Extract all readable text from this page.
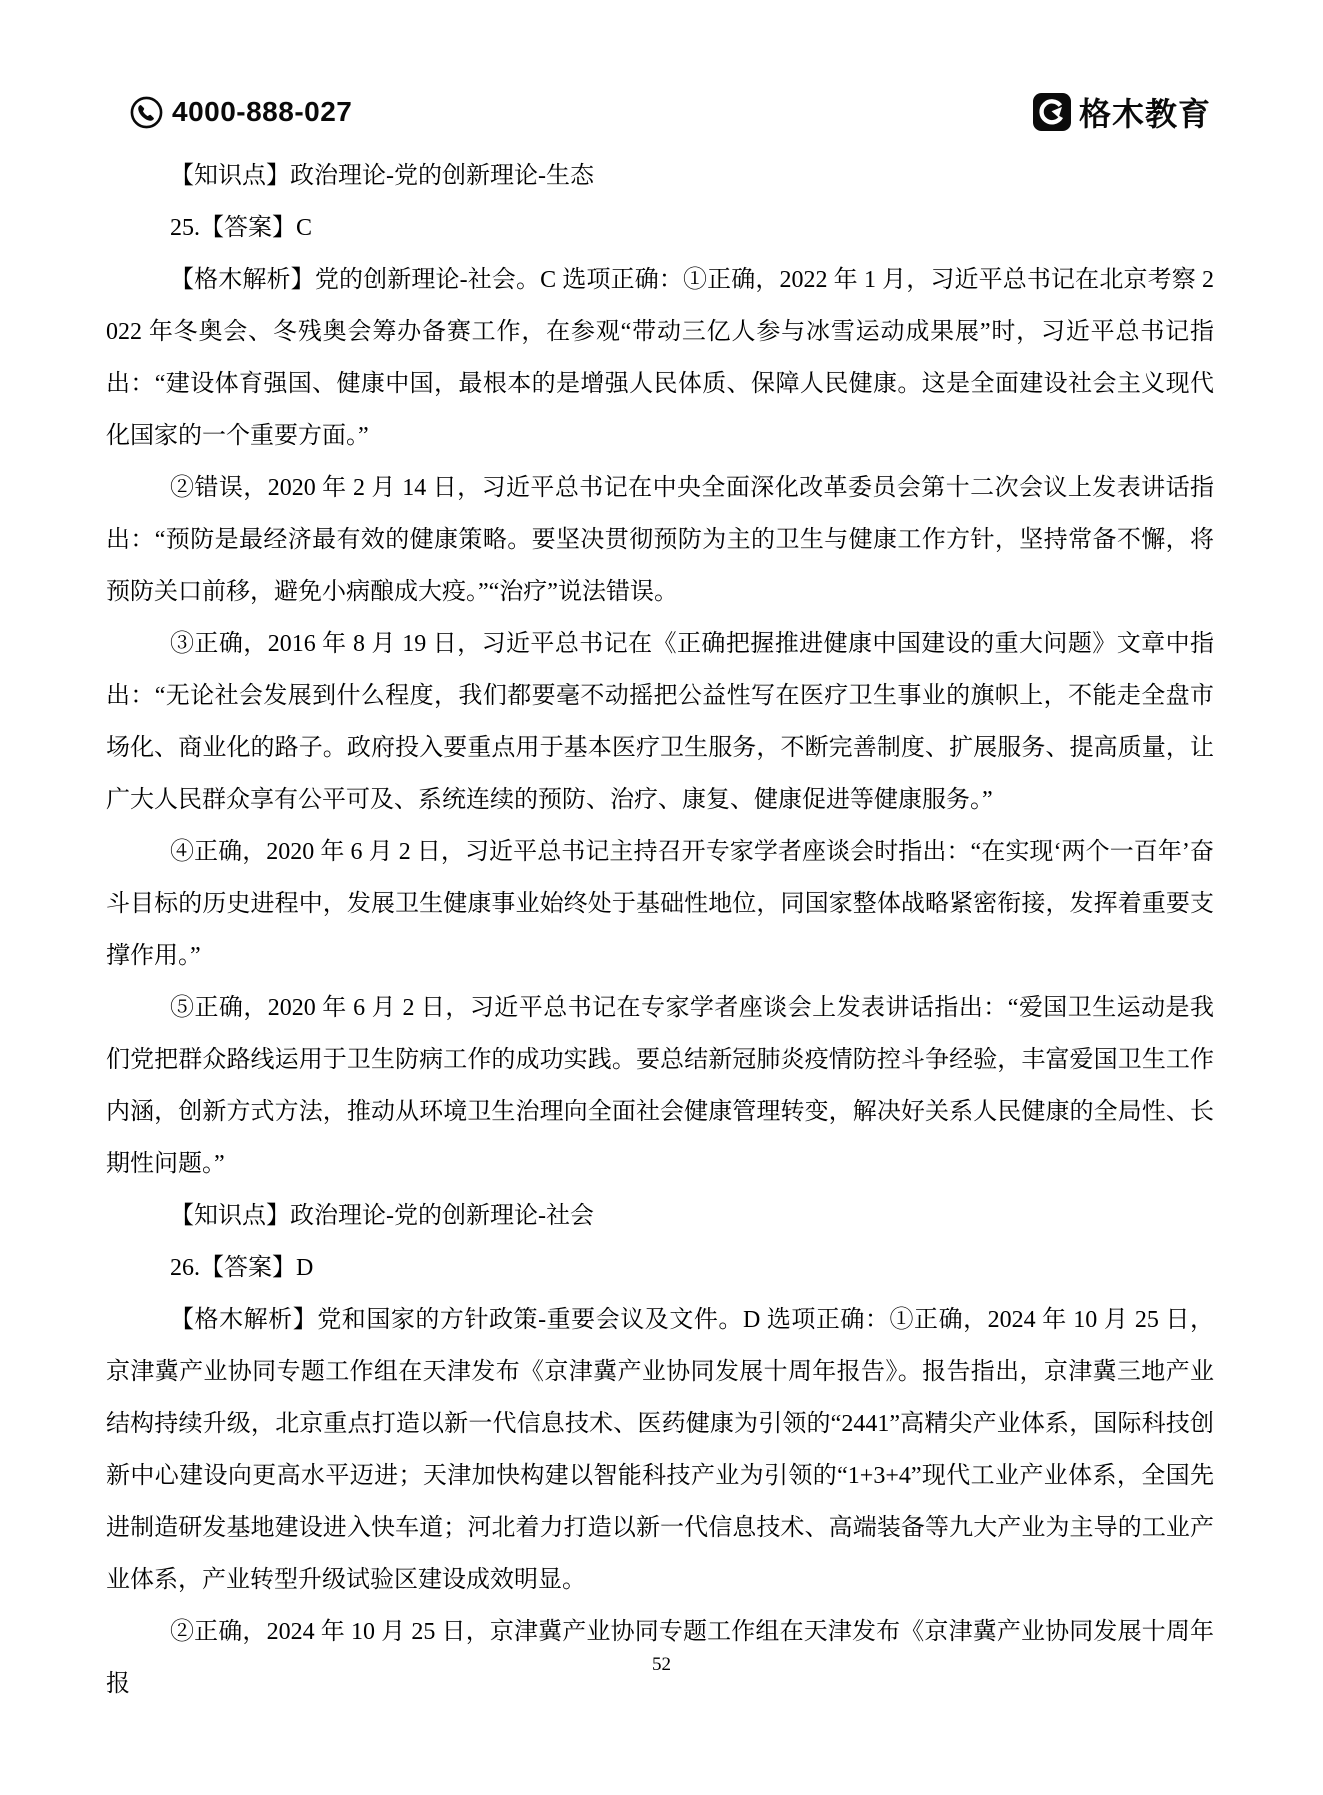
4000-888-027	格木教育

【知识点】政治理论-党的创新理论-生态

25.【答案】C

【格木解析】党的创新理论-社会。C 选项正确：①正确，2022 年 1 月，习近平总书记在北京考察 2022 年冬奥会、冬残奥会筹办备赛工作，在参观“带动三亿人参与冰雪运动成果展”时，习近平总书记指出：“建设体育强国、健康中国，最根本的是增强人民体质、保障人民健康。这是全面建设社会主义现代化国家的一个重要方面。”

②错误，2020 年 2 月 14 日，习近平总书记在中央全面深化改革委员会第十二次会议上发表讲话指出：“预防是最经济最有效的健康策略。要坚决贯彻预防为主的卫生与健康工作方针，坚持常备不懈，将预防关口前移，避免小病酿成大疫。”“治疗”说法错误。

③正确，2016 年 8 月 19 日，习近平总书记在《正确把握推进健康中国建设的重大问题》文章中指出：“无论社会发展到什么程度，我们都要毫不动摇把公益性写在医疗卫生事业的旗帜上，不能走全盘市场化、商业化的路子。政府投入要重点用于基本医疗卫生服务，不断完善制度、扩展服务、提高质量，让广大人民群众享有公平可及、系统连续的预防、治疗、康复、健康促进等健康服务。”

④正确，2020 年 6 月 2 日，习近平总书记主持召开专家学者座谈会时指出：“在实现‘两个一百年’奋斗目标的历史进程中，发展卫生健康事业始终处于基础性地位，同国家整体战略紧密衔接，发挥着重要支撑作用。”

⑤正确，2020 年 6 月 2 日，习近平总书记在专家学者座谈会上发表讲话指出：“爱国卫生运动是我们党把群众路线运用于卫生防病工作的成功实践。要总结新冠肺炎疫情防控斗争经验，丰富爱国卫生工作内涵，创新方式方法，推动从环境卫生治理向全面社会健康管理转变，解决好关系人民健康的全局性、长期性问题。”

【知识点】政治理论-党的创新理论-社会

26.【答案】D

【格木解析】党和国家的方针政策-重要会议及文件。D 选项正确：①正确，2024 年 10 月 25 日，京津冀产业协同专题工作组在天津发布《京津冀产业协同发展十周年报告》。报告指出，京津冀三地产业结构持续升级，北京重点打造以新一代信息技术、医药健康为引领的“2441”高精尖产业体系，国际科技创新中心建设向更高水平迈进；天津加快构建以智能科技产业为引领的“1+3+4”现代工业产业体系，全国先进制造研发基地建设进入快车道；河北着力打造以新一代信息技术、高端装备等九大产业为主导的工业产业体系，产业转型升级试验区建设成效明显。

②正确，2024 年 10 月 25 日，京津冀产业协同专题工作组在天津发布《京津冀产业协同发展十周年报

52
